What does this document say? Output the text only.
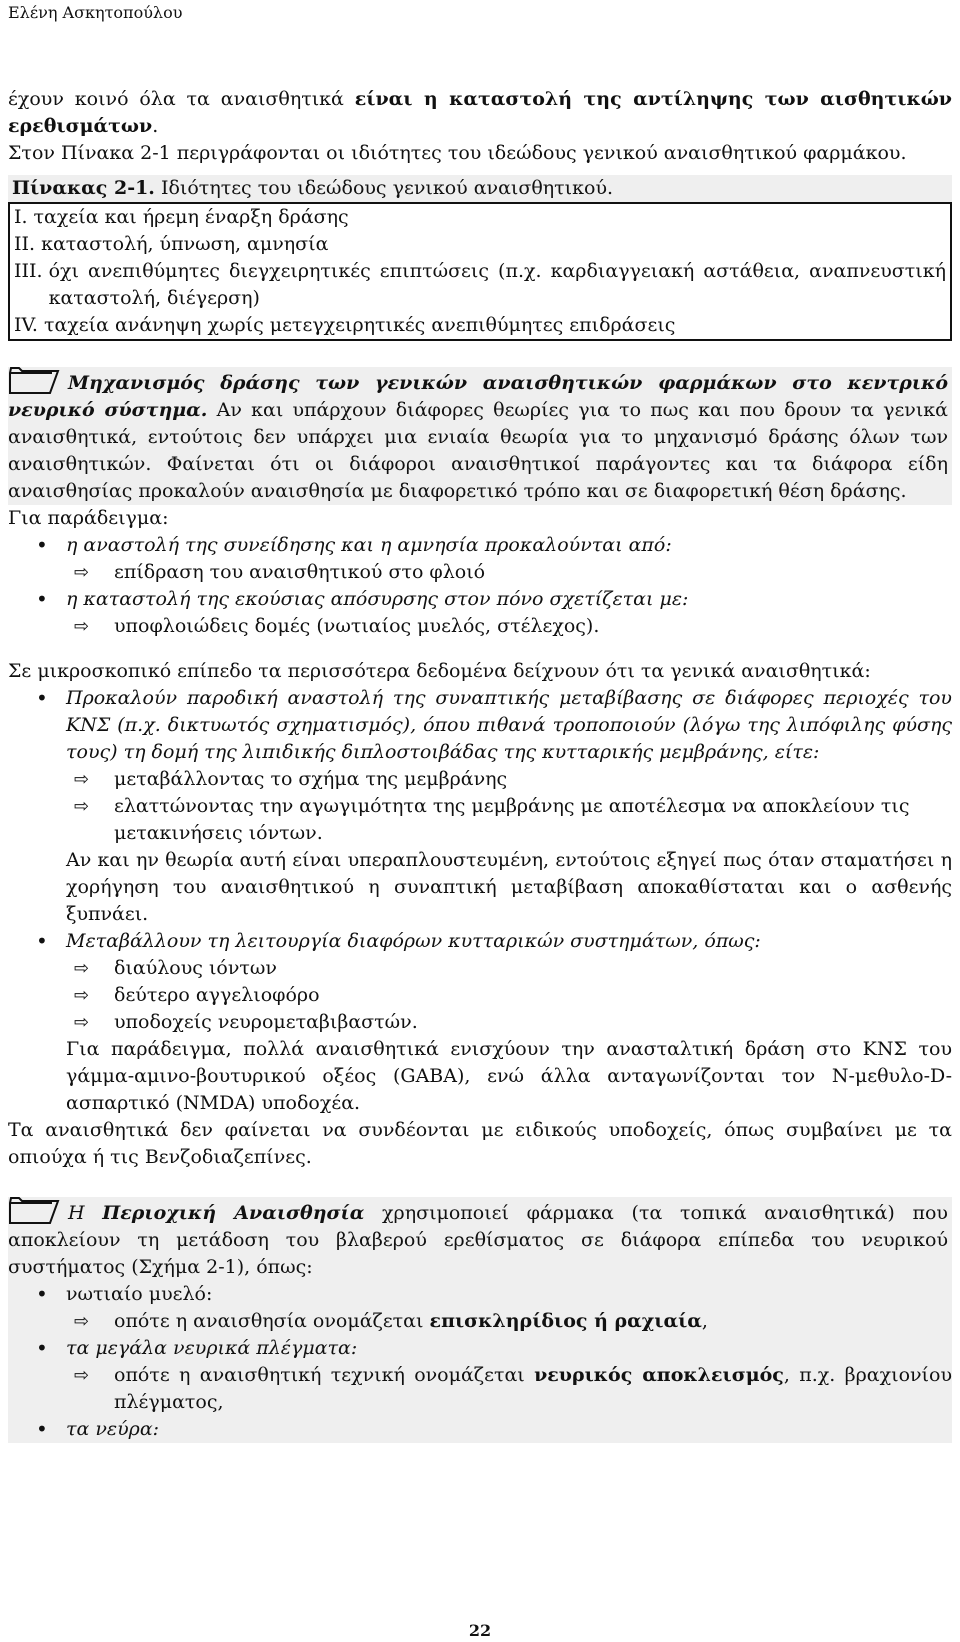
Ελένη Ασκητοπούλου

έχουν κοινό όλα τα αναισθητικά είναι η καταστολή της αντίληψης των αισθητικών ερεθισμάτων.

Στον Πίνακα 2-1 περιγράφονται οι ιδιότητες του ιδεώδους γενικού αναισθητικού φαρμάκου.

Πίνακας 2-1. Ιδιότητες του ιδεώδους γενικού αναισθητικού.
I. ταχεία και ήρεμη έναρξη δράσης
II. καταστολή, ύπνωση, αμνησία
III. όχι ανεπιθύμητες διεγχειρητικές επιπτώσεις (π.χ. καρδιαγγειακή αστάθεια, αναπνευστική καταστολή, διέγερση)
IV. ταχεία ανάνηψη χωρίς μετεγχειρητικές ανεπιθύμητες επιδράσεις

Μηχανισμός δράσης των γενικών αναισθητικών φαρμάκων στο κεντρικό νευρικό σύστημα. Αν και υπάρχουν διάφορες θεωρίες για το πως και που δρουν τα γενικά αναισθητικά, εντούτοις δεν υπάρχει μια ενιαία θεωρία για το μηχανισμό δράσης όλων των αναισθητικών. Φαίνεται ότι οι διάφοροι αναισθητικοί παράγοντες και τα διάφορα είδη αναισθησίας προκαλούν αναισθησία με διαφορετικό τρόπο και σε διαφορετική θέση δράσης.

Για παράδειγμα:

• η αναστολή της συνείδησης και η αμνησία προκαλούνται από:
⇨ επίδραση του αναισθητικού στο φλοιό
• η καταστολή της εκούσιας απόσυρσης στον πόνο σχετίζεται με:
⇨ υποφλοιώδεις δομές (νωτιαίος μυελός, στέλεχος).

Σε μικροσκοπικό επίπεδο τα περισσότερα δεδομένα δείχνουν ότι τα γενικά αναισθητικά:

• Προκαλούν παροδική αναστολή της συναπτικής μεταβίβασης σε διάφορες περιοχές του ΚΝΣ (π.χ. δικτυωτός σχηματισμός), όπου πιθανά τροποποιούν (λόγω της λιπόφιλης φύσης τους) τη δομή της λιπιδικής διπλοστοιβάδας της κυτταρικής μεμβράνης, είτε:

⇨ μεταβάλλοντας το σχήμα της μεμβράνης
⇨ ελαττώνοντας την αγωγιμότητα της μεμβράνης με αποτέλεσμα να αποκλείουν τις μετακινήσεις ιόντων.

Αν και ην θεωρία αυτή είναι υπεραπλουστευμένη, εντούτοις εξηγεί πως όταν σταματήσει η χορήγηση του αναισθητικού η συναπτική μεταβίβαση αποκαθίσταται και ο ασθενής ξυπνάει.

• Μεταβάλλουν τη λειτουργία διαφόρων κυτταρικών συστημάτων, όπως:

⇨ διαύλους ιόντων
⇨ δεύτερο αγγελιοφόρο
⇨ υποδοχείς νευρομεταβιβαστών.

Για παράδειγμα, πολλά αναισθητικά ενισχύουν την ανασταλτική δράση στο ΚΝΣ του γάμμα-αμινο-βουτυρικού οξέος (GABA), ενώ άλλα ανταγωνίζονται τον N-μεθυλο-D-ασπαρτικό (NMDA) υποδοχέα.

Τα αναισθητικά δεν φαίνεται να συνδέονται με ειδικούς υποδοχείς, όπως συμβαίνει με τα οπιούχα ή τις Βενζοδιαζεπίνες.

Η Περιοχική Αναισθησία χρησιμοποιεί φάρμακα (τα τοπικά αναισθητικά) που αποκλείουν τη μετάδοση του βλαβερού ερεθίσματος σε διάφορα επίπεδα του νευρικού συστήματος (Σχήμα 2-1), όπως:

• νωτιαίο μυελό:
⇨ οπότε η αναισθησία ονομάζεται επισκληρίδιος ή ραχιαία,
• τα μεγάλα νευρικά πλέγματα:
⇨ οπότε η αναισθητική τεχνική ονομάζεται νευρικός αποκλεισμός, π.χ. βραχιονίου πλέγματος,
• τα νεύρα:
22
